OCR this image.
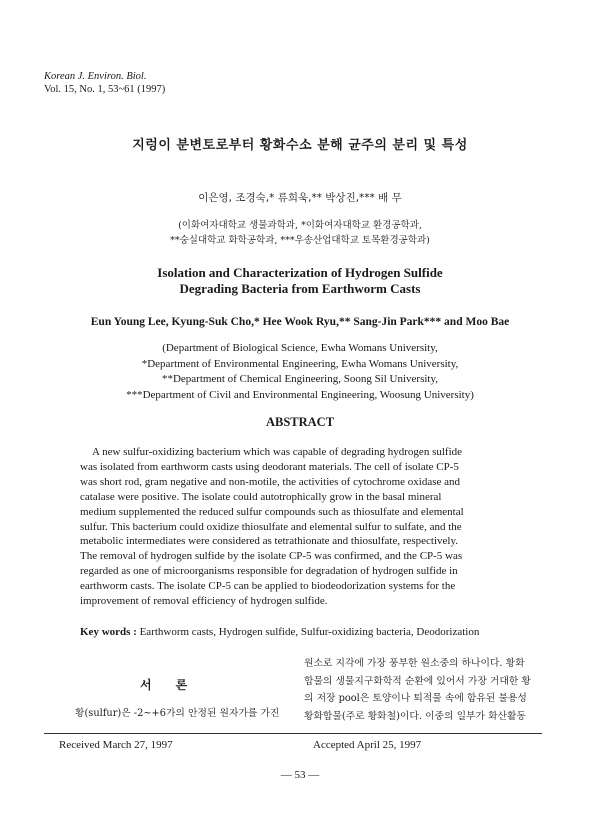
Korean J. Environ. Biol.
Vol. 15, No. 1, 53~61 (1997)
지렁이 분변토로부터 황화수소 분해 균주의 분리 및 특성
이은영, 조경숙,* 류희욱,** 박상진,*** 배 무
(이화여자대학교 생물과학과, *이화여자대학교 환경공학과,
**숭실대학교 화학공학과, ***우송산업대학교 토목환경공학과)
Isolation and Characterization of Hydrogen Sulfide
Degrading Bacteria from Earthworm Casts
Eun Young Lee, Kyung-Suk Cho,* Hee Wook Ryu,** Sang-Jin Park*** and Moo Bae
(Department of Biological Science, Ewha Womans University,
*Department of Environmental Engineering, Ewha Womans University,
**Department of Chemical Engineering, Soong Sil University,
***Department of Civil and Environmental Engineering, Woosung University)
ABSTRACT
A new sulfur-oxidizing bacterium which was capable of degrading hydrogen sulfide
was isolated from earthworm casts using deodorant materials. The cell of isolate CP-5
was short rod, gram negative and non-motile, the activities of cytochrome oxidase and
catalase were positive. The isolate could autotrophically grow in the basal mineral
medium supplemented the reduced sulfur compounds such as thiosulfate and elemental
sulfur. This bacterium could oxidize thiosulfate and elemental sulfur to sulfate, and the
metabolic intermediates were considered as tetrathionate and thiosulfate, respectively.
The removal of hydrogen sulfide by the isolate CP-5 was confirmed, and the CP-5 was
regarded as one of microorganisms responsible for degradation of hydrogen sulfide in
earthworm casts. The isolate CP-5 can be applied to biodeodorization systems for the
improvement of removal efficiency of hydrogen sulfide.
Key words : Earthworm casts, Hydrogen sulfide, Sulfur-oxidizing bacteria, Deodorization
서 론
황(sulfur)은 -2~+6가의 안정된 원자가를 가진
원소로 지각에 가장 풍부한 원소중의 하나이다. 황화
합물의 생물지구화학적 순환에 있어서 가장 거대한 황
의 저장 pool은 토양이나 퇴적물 속에 함유된 불용성
황화합물(주로 황화철)이다. 이중의 일부가 화산활동
Received March 27, 1997	Accepted April 25, 1997
— 53 —
